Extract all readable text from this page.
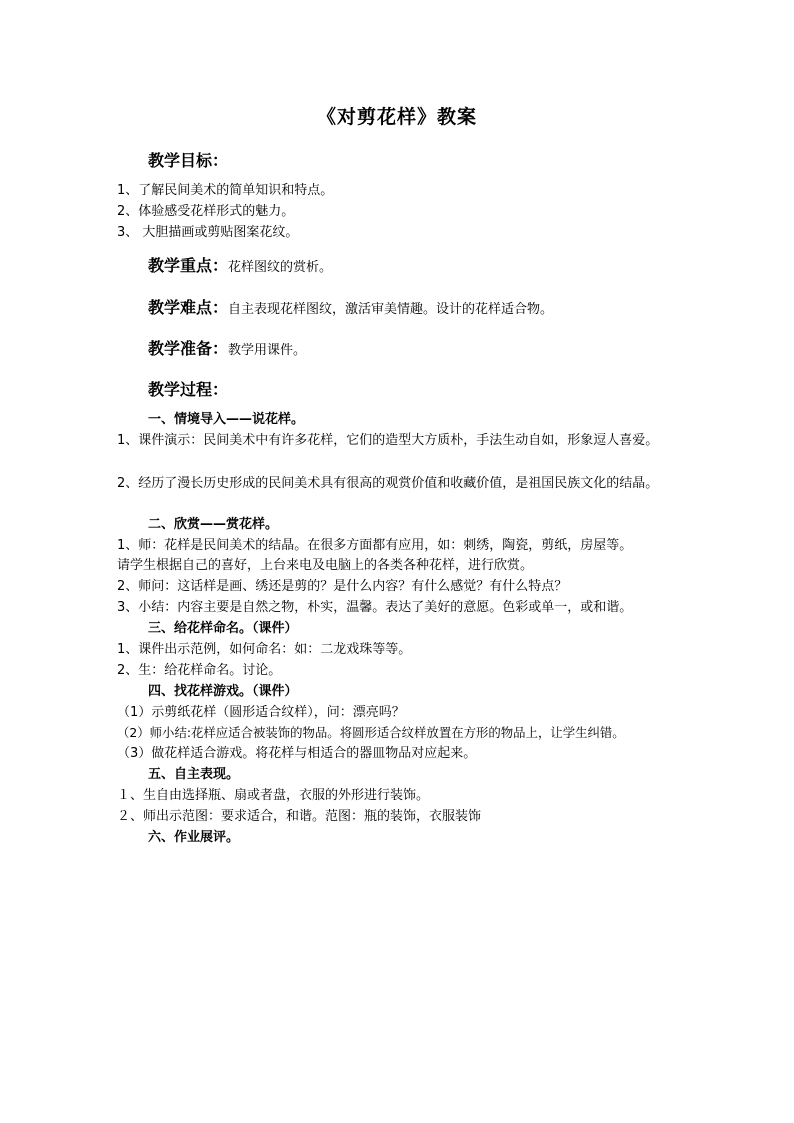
《对剪花样》教案
教学目标：
1、了解民间美术的简单知识和特点。
2、体验感受花样形式的魅力。
3、 大胆描画或剪贴图案花纹。
教学重点：花样图纹的赏析。
教学难点：自主表现花样图纹，激活审美情趣。设计的花样适合物。
教学准备：教学用课件。
教学过程：
一、情境导入——说花样。
1、课件演示：民间美术中有许多花样，它们的造型大方质朴，手法生动自如，形象逗人喜爱。
2、经历了漫长历史形成的民间美术具有很高的观赏价值和收藏价值，是祖国民族文化的结晶。
二、欣赏——赏花样。
1、师：花样是民间美术的结晶。在很多方面都有应用，如：刺绣，陶瓷，剪纸，房屋等。
请学生根据自己的喜好，上台来电及电脑上的各类各种花样，进行欣赏。
2、师问：这话样是画、绣还是剪的？是什么内容？有什么感觉？有什么特点？
3、小结：内容主要是自然之物，朴实，温馨。表达了美好的意愿。色彩或单一，或和谐。
三、给花样命名。（课件）
1、课件出示范例，如何命名：如：二龙戏珠等等。
2、生：给花样命名。讨论。
四、找花样游戏。（课件）
（1）示剪纸花样（圆形适合纹样），问：漂亮吗？
（2）师小结:花样应适合被装饰的物品。将圆形适合纹样放置在方形的物品上，让学生纠错。
（3）做花样适合游戏。将花样与相适合的器皿物品对应起来。
五、自主表现。
１、生自由选择瓶、扇或者盘，衣服的外形进行装饰。
２、师出示范图：要求适合，和谐。范图：瓶的装饰，衣服装饰
六、作业展评。
